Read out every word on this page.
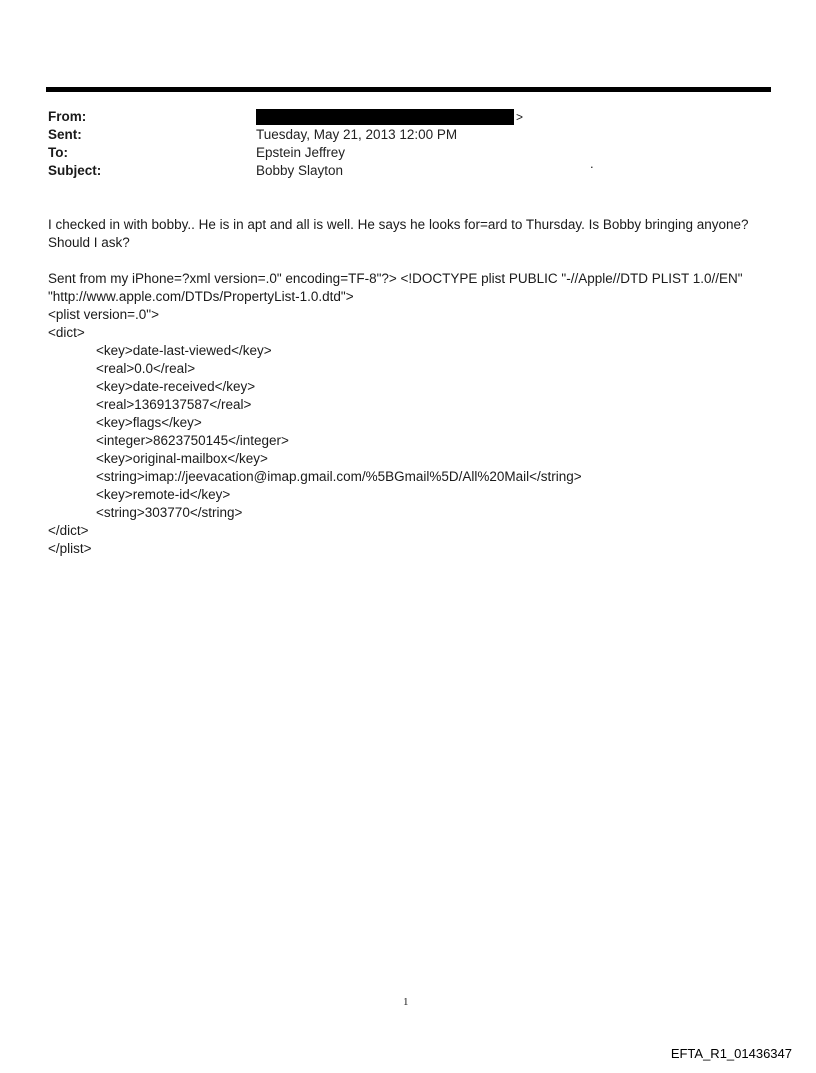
From:	>
Sent:	Tuesday, May 21, 2013 12:00 PM
To:	Epstein Jeffrey
Subject:	Bobby Slayton	.
I checked in with bobby.. He is in apt and all is well. He says he looks for=ard to Thursday. Is Bobby bringing anyone?
Should I ask?
Sent from my iPhone=?xml version=.0" encoding=TF-8"?> <!DOCTYPE plist PUBLIC "-//Apple//DTD PLIST 1.0//EN"
"http://www.apple.com/DTDs/PropertyList-1.0.dtd">
<plist version=.0">
<dict>
<key>date-last-viewed</key>
<real>0.0</real>
<key>date-received</key>
<real>1369137587</real>
<key>flags</key>
<integer>8623750145</integer>
<key>original-mailbox</key>
<string>imap://jeevacation@imap.gmail.com/%5BGmail%5D/All%20Mail</string>
<key>remote-id</key>
<string>303770</string>
</dict>
</plist>
1
EFTA_R1_01436347
